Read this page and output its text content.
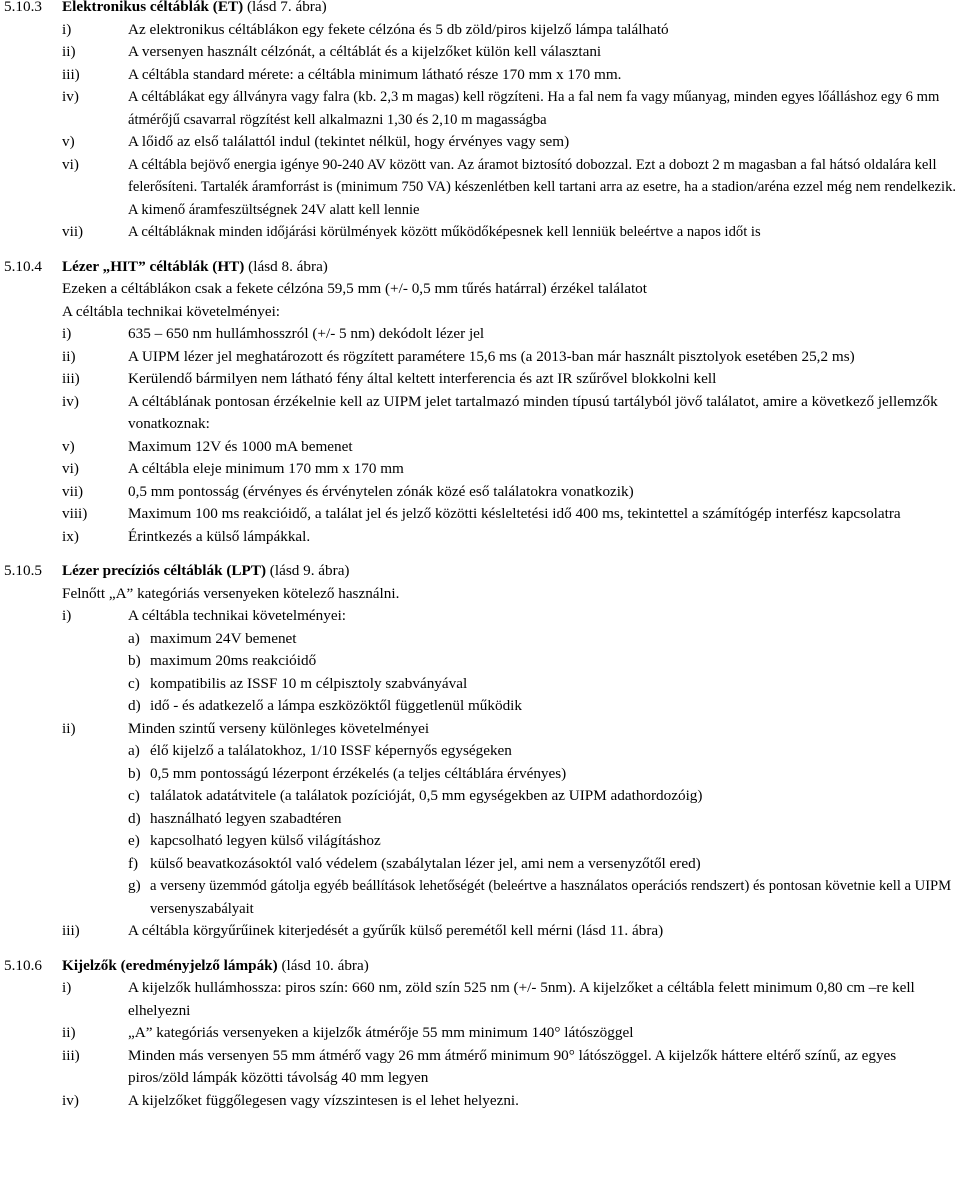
5.10.3	Elektronikus céltáblák (ET) (lásd 7. ábra)
i)	Az elektronikus céltáblákon egy fekete célzóna és 5 db zöld/piros kijelző lámpa található
ii)	A versenyen használt célzónát, a céltáblát és a kijelzőket külön kell választani
iii)	A céltábla standard mérete: a céltábla minimum látható része 170 mm x 170 mm.
iv)	A céltáblákat egy állványra vagy falra (kb. 2,3 m magas) kell rögzíteni. Ha a fal nem fa vagy műanyag, minden egyes lőálláshoz egy 6 mm átmérőjű csavarral rögzítést kell alkalmazni 1,30 és 2,10 m magasságba
v)	A lőidő az első találattól indul (tekintet nélkül, hogy érvényes vagy sem)
vi)	A céltábla bejövő energia igénye 90-240 AV között van. Az áramot biztosító dobozzal. Ezt a dobozt 2 m magasban a fal hátsó oldalára kell felerősíteni. Tartalék áramforrást is (minimum 750 VA) készenlétben kell tartani arra az esetre, ha a stadion/aréna ezzel még nem rendelkezik. A kimenő áramfeszültségnek 24V alatt kell lennie
vii)	A céltábláknak minden időjárási körülmények között működőképesnek kell lenniük beleértve a napos időt is
5.10.4	Lézer „HIT” céltáblák (HT) (lásd 8. ábra)
Ezeken a céltáblákon csak a fekete célzóna 59,5 mm (+/- 0,5 mm tűrés határral) érzékel találatot
A céltábla technikai követelményei:
i)	635 – 650 nm hullámhosszról (+/- 5 nm) dekódolt lézer jel
ii)	A UIPM lézer jel meghatározott és rögzített paramétere 15,6 ms (a 2013-ban már használt pisztolyok esetében 25,2 ms)
iii)	Kerülendő bármilyen nem látható fény által keltett interferencia és azt IR szűrővel blokkolni kell
iv)	A céltáblának pontosan érzékelnie kell az UIPM jelet tartalmazó minden típusú tartályból jövő találatot, amire a következő jellemzők vonatkoznak:
v)	Maximum 12V és 1000 mA bemenet
vi)	A céltábla eleje minimum 170 mm x 170 mm
vii)	0,5 mm pontosság (érvényes és érvénytelen zónák közé eső találatokra vonatkozik)
viii)	Maximum 100 ms reakcióidő, a találat jel és jelző közötti késleltetési idő 400 ms, tekintettel a számítógép interfész kapcsolatra
ix)	Érintkezés a külső lámpákkal.
5.10.5	Lézer precíziós céltáblák (LPT) (lásd 9. ábra)
Felnőtt „A” kategóriás versenyeken kötelező használni.
i)	A céltábla technikai követelményei:
a) maximum 24V bemenet
b) maximum 20ms reakcióidő
c) kompatibilis az ISSF 10 m célpisztoly szabványával
d) idő - és adatkezelő a lámpa eszközöktől függetlenül működik
ii)	Minden szintű verseny különleges követelményei
a) élő kijelző a találatokhoz, 1/10 ISSF képernyős egységeken
b) 0,5 mm pontosságú lézerpont érzékelés (a teljes céltáblára érvényes)
c) találatok adatátvitele (a találatok pozícióját, 0,5 mm egységekben az UIPM adathordozóig)
d) használható legyen szabadtéren
e) kapcsolható legyen külső világításhoz
f) külső beavatkozásoktól való védelem (szabálytalan lézer jel, ami nem a versenyzőtől ered)
g) a verseny üzemmód gátolja egyéb beállítások lehetőségét (beleértve a használatos operációs rendszert) és pontosan követnie kell a UIPM versenyszabályait
iii)	A céltábla körgyűrűinek kiterjedését a gyűrűk külső peremétől kell mérni (lásd 11. ábra)
5.10.6	Kijelzők (eredményjelző lámpák) (lásd 10. ábra)
i)	A kijelzők hullámhossza: piros szín: 660 nm, zöld szín 525 nm (+/- 5nm). A kijelzőket a céltábla felett minimum 0,80 cm –re kell elhelyezni
ii)	„A” kategóriás versenyeken a kijelzők átmérője 55 mm minimum 140° látószöggel
iii)	Minden más versenyen 55 mm átmérő vagy 26 mm átmérő minimum 90° látószöggel. A kijelzők háttere eltérő színű, az egyes piros/zöld lámpák közötti távolság 40 mm legyen
iv)	A kijelzőket függőlegesen vagy vízszintesen is el lehet helyezni.
